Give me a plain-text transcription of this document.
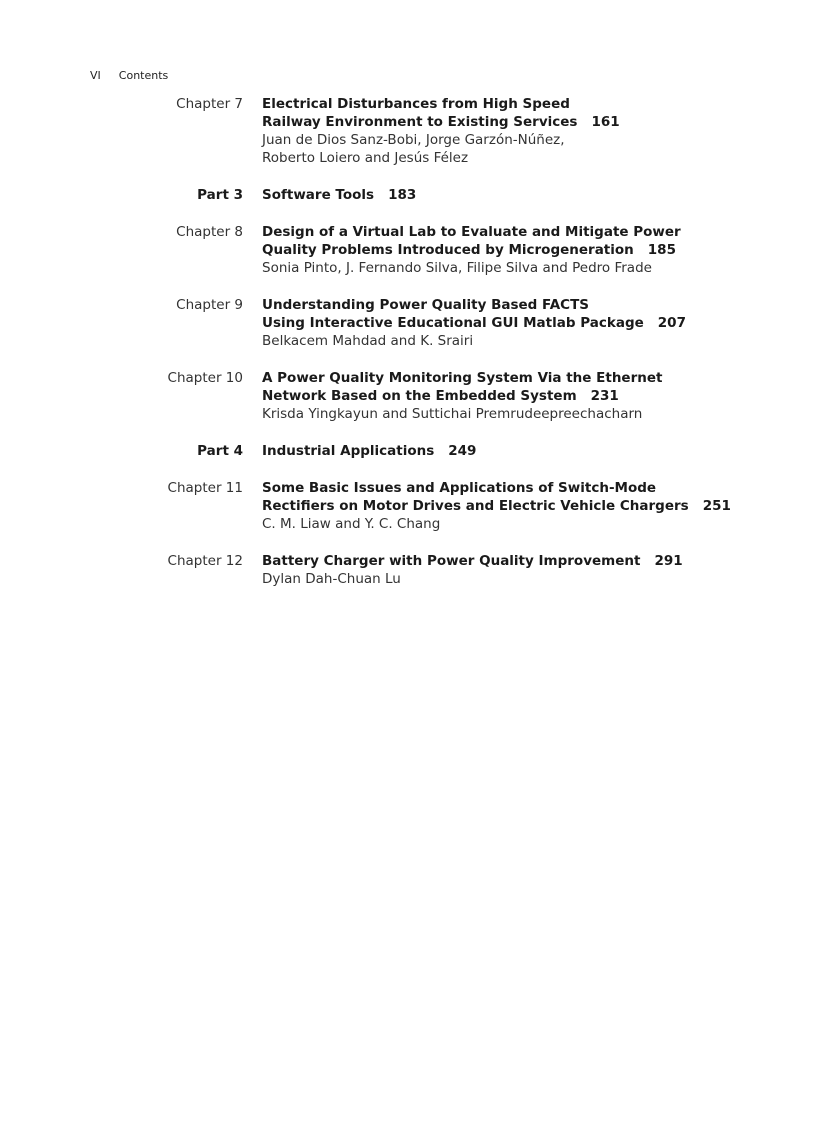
VI Contents
Chapter 7 Electrical Disturbances from High Speed
Railway Environment to Existing Services 161
Juan de Dios Sanz-Bobi, Jorge Garzón-Núñez,
Roberto Loiero and Jesús Félez
Part 3 Software Tools 183
Chapter 8 Design of a Virtual Lab to Evaluate and Mitigate Power
Quality Problems Introduced by Microgeneration 185
Sonia Pinto, J. Fernando Silva, Filipe Silva and Pedro Frade
Chapter 9 Understanding Power Quality Based FACTS
Using Interactive Educational GUI Matlab Package 207
Belkacem Mahdad and K. Srairi
Chapter 10 A Power Quality Monitoring System Via the Ethernet
Network Based on the Embedded System 231
Krisda Yingkayun and Suttichai Premrudeepreechacharn
Part 4 Industrial Applications 249
Chapter 11 Some Basic Issues and Applications of Switch-Mode
Rectifiers on Motor Drives and Electric Vehicle Chargers 251
C. M. Liaw and Y. C. Chang
Chapter 12 Battery Charger with Power Quality Improvement 291
Dylan Dah-Chuan Lu
